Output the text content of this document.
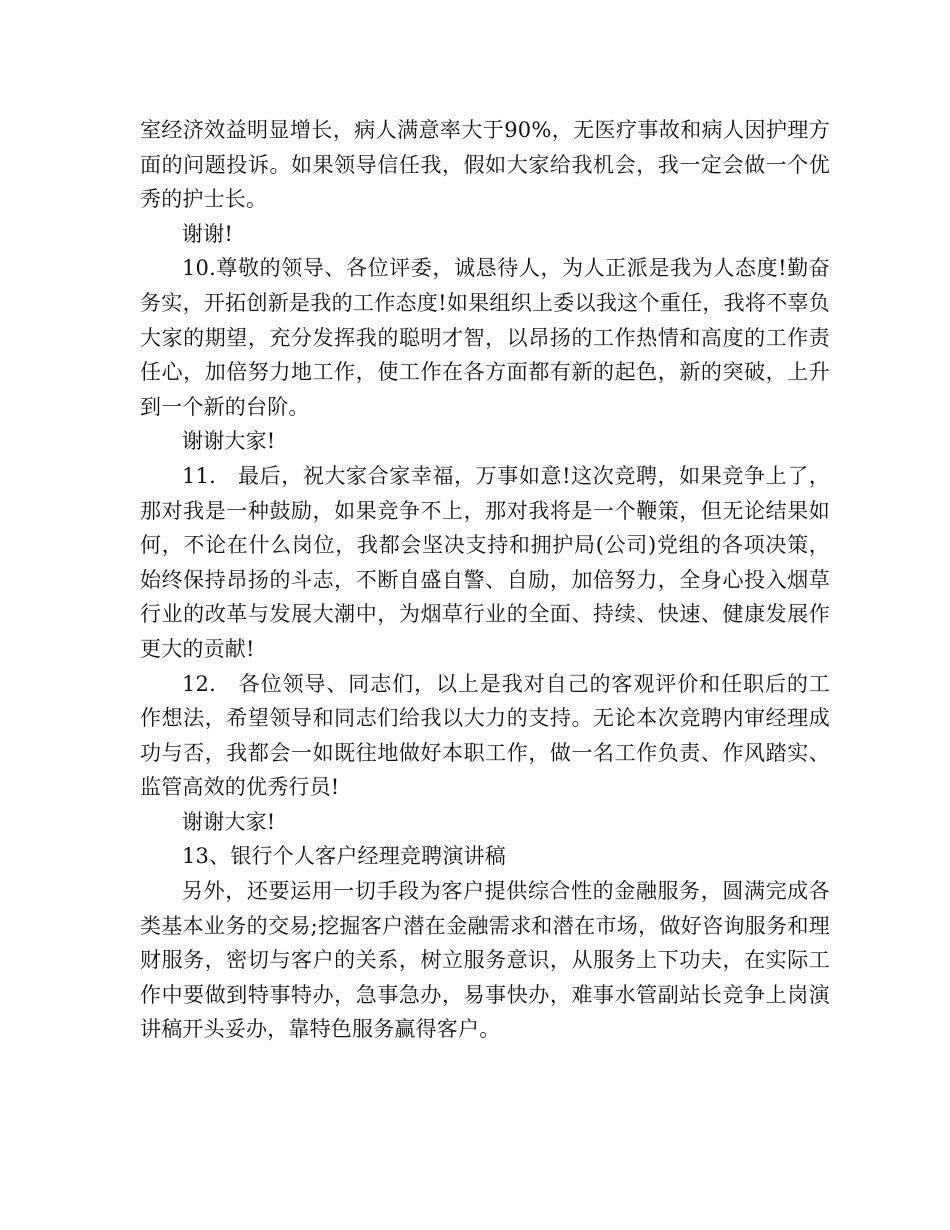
室经济效益明显增长，病人满意率大于90%，无医疗事故和病人因护理方面的问题投诉。如果领导信任我，假如大家给我机会，我一定会做一个优秀的护士长。

谢谢!

10.尊敬的领导、各位评委，诚恳待人，为人正派是我为人态度!勤奋务实，开拓创新是我的工作态度!如果组织上委以我这个重任，我将不辜负大家的期望，充分发挥我的聪明才智，以昂扬的工作热情和高度的工作责任心，加倍努力地工作，使工作在各方面都有新的起色，新的突破，上升到一个新的台阶。

谢谢大家!

11.　最后，祝大家合家幸福，万事如意!这次竞聘，如果竞争上了，那对我是一种鼓励，如果竞争不上，那对我将是一个鞭策，但无论结果如何，不论在什么岗位，我都会坚决支持和拥护局(公司)党组的各项决策，始终保持昂扬的斗志，不断自盛自警、自励，加倍努力，全身心投入烟草行业的改革与发展大潮中，为烟草行业的全面、持续、快速、健康发展作更大的贡献!

12.　各位领导、同志们，以上是我对自己的客观评价和任职后的工作想法，希望领导和同志们给我以大力的支持。无论本次竞聘内审经理成功与否，我都会一如既往地做好本职工作，做一名工作负责、作风踏实、监管高效的优秀行员!

谢谢大家!

13、银行个人客户经理竞聘演讲稿

另外，还要运用一切手段为客户提供综合性的金融服务，圆满完成各类基本业务的交易;挖掘客户潜在金融需求和潜在市场，做好咨询服务和理财服务，密切与客户的关系，树立服务意识，从服务上下功夫，在实际工作中要做到特事特办，急事急办，易事快办，难事水管副站长竞争上岗演讲稿开头妥办，靠特色服务赢得客户。
